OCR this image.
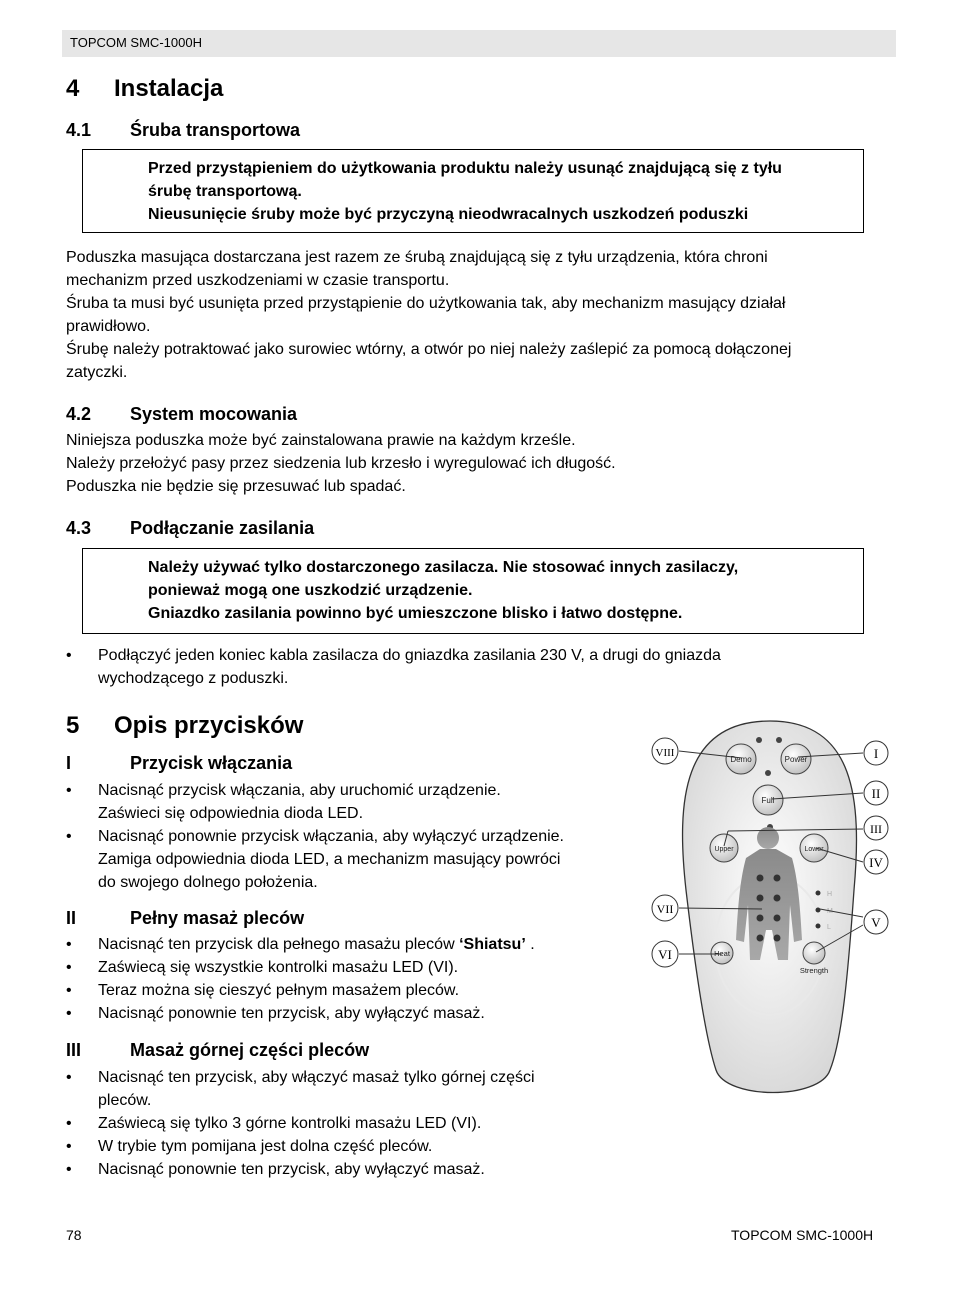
TOPCOM SMC-1000H
4 Instalacja
4.1 Śruba transportowa
Przed przystąpieniem do użytkowania produktu należy usunąć znajdującą się z tyłu
śrubę transportową.
Nieusunięcie śruby może być przyczyną nieodwracalnych uszkodzeń poduszki
Poduszka masująca dostarczana jest razem ze śrubą znajdującą się z tyłu urządzenia, która chroni
mechanizm przed uszkodzeniami w czasie transportu.
Śruba ta musi być usunięta przed przystąpienie do użytkowania tak, aby mechanizm masujący działał
prawidłowo.
Śrubę należy potraktować jako surowiec wtórny, a otwór po niej należy zaślepić za pomocą dołączonej
zatyczki.
4.2 System mocowania
Niniejsza poduszka może być zainstalowana prawie na każdym krześle.
Należy przełożyć pasy przez siedzenia lub krzesło i wyregulować ich długość.
Poduszka nie będzie się przesuwać lub spadać.
4.3 Podłączanie zasilania
Należy używać tylko dostarczonego zasilacza. Nie stosować innych zasilaczy,
ponieważ mogą one uszkodzić urządzenie.
Gniazdko zasilania powinno być umieszczone blisko i łatwo dostępne.
• Podłączyć jeden koniec kabla zasilacza do gniazdka zasilania 230 V, a drugi do gniazda
wychodzącego z poduszki.
5 Opis przycisków
I	Przycisk włączania
• Nacisnąć przycisk włączania, aby uruchomić urządzenie.
Zaświeci się odpowiednia dioda LED.
• Nacisnąć ponownie przycisk włączania, aby wyłączyć urządzenie.
Zamiga odpowiednia dioda LED, a mechanizm masujący powróci
do swojego dolnego położenia.
II	Pełny masaż pleców
• Nacisnąć ten przycisk dla pełnego masażu pleców ‘Shiatsu’ .
• Zaświecą się wszystkie kontrolki masażu LED (VI).
• Teraz można się cieszyć pełnym masażem pleców.
• Nacisnąć ponownie ten przycisk, aby wyłączyć masaż.
III	Masaż górnej części pleców
• Nacisnąć ten przycisk, aby włączyć masaż tylko górnej części
pleców.
• Zaświecą się tylko 3 górne kontrolki masażu LED (VI).
• W trybie tym pomijana jest dolna część pleców.
• Nacisnąć ponownie ten przycisk, aby wyłączyć masaż.
Demo	Power
Full
Upper	Lower
H
M
L
Heat
Strength
VIII	I
II
III
IV
V
VII
VI
78	TOPCOM SMC-1000H
